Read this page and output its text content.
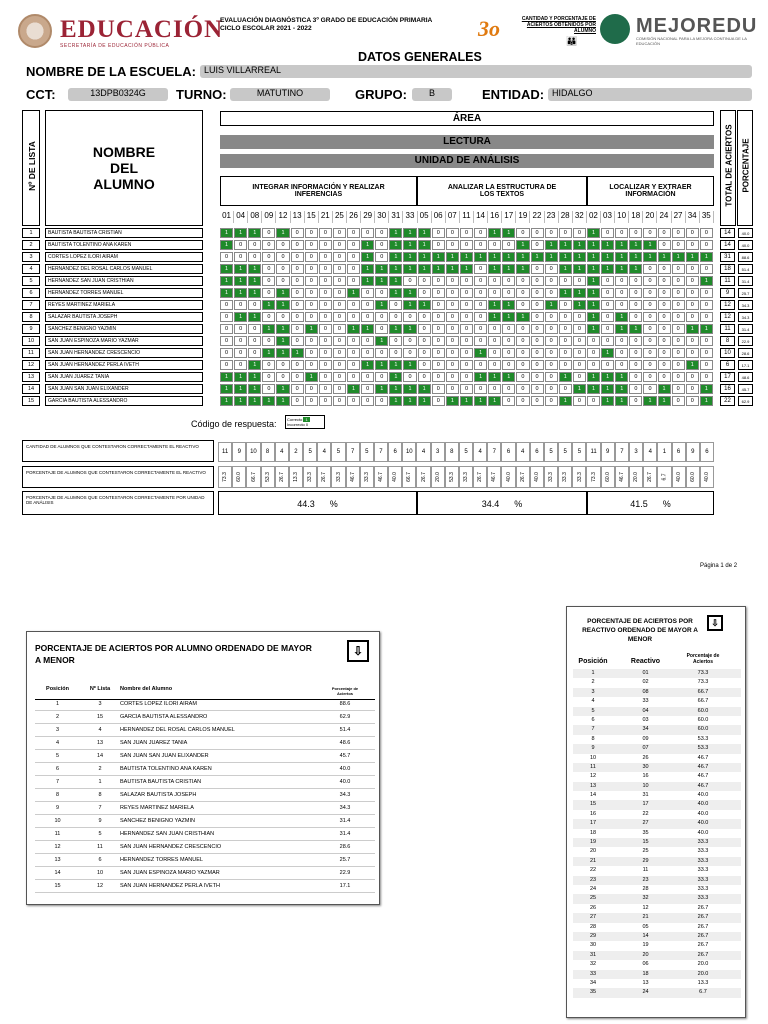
EDUCACIÓN
SECRETARÍA DE EDUCACIÓN PÚBLICA
EVALUACIÓN DIAGNÓSTICA 3º GRADO DE EDUCACIÓN PRIMARIA
CICLO ESCOLAR 2021 - 2022	3o	CANTIDAD Y PORCENTAJE DE ACIERTOS OBTENIDOS POR ALUMNO
👪
MEJOREDU
COMISIÓN NACIONAL PARA LA MEJORA CONTINUA DE LA EDUCACIÓN
DATOS GENERALES
NOMBRE DE LA ESCUELA: LUIS VILLARREAL
CCT:	13DPB0324G	TURNO:	MATUTINO	GRUPO:	B	ENTIDAD: HIDALGO
Nº DE LISTA	NOMBRE DEL ALUMNO
ÁREA
LECTURA
UNIDAD DE ANÁLISIS
INTEGRAR INFORMACIÓN Y REALIZAR INFERENCIAS
ANALIZAR LA ESTRUCTURA DE LOS TEXTOS
LOCALIZAR Y EXTRAER INFORMACIÓN	TOTAL DE ACIERTOS PORCENTAJE
01 04 08 09 12 13 15 21 25 26 29 30 31 33 05 06 07 11 14 16 17 19 22 23 28 32 02 03 10 18 20 24 27 34 35
1	BAUTISTA BAUTISTA CRISTIAN	1	1	1	0	1	0	0	0	0	0	0	0	1	1	1	0	0	0	0	1	1	0	0	0	0	0	1	0	0	0	0	0	0	0	0	14	40.0
2	BAUTISTA TOLENTINO ANA KAREN	1	0	0	0	0	0	0	0	0	0	1	0	1	1	1	0	0	0	0	0	0	1	0	1	1	1	1	1	1	1	1	0	0	0	0	14	40.0
3	CORTES LOPEZ ILORI AIRAM	0	0	0	0	0	0	0	0	0	0	1	0	1	1	1	1	1	1	1	1	1	1	1	1	1	1	1	1	1	1	1	1	1	1	1	31	88.6
4	HERNANDEZ DEL ROSAL CARLOS MANUEL	1	1	1	0	0	0	0	0	0	0	1	1	1	1	1	1	1	1	0	1	1	1	0	0	1	1	1	1	1	1	0	0	0	0	0	18	51.4
5	HERNANDEZ SAN JUAN CRISTHIAN	1	1	1	0	0	0	0	0	0	0	1	1	1	0	0	0	0	0	0	0	0	0	0	0	0	0	1	0	0	0	0	0	0	0	1	11	31.4
6	HERNANDEZ TORRES MANUEL	1	1	1	0	1	0	0	0	0	1	0	0	1	1	0	0	0	0	0	0	0	0	0	0	1	1	1	0	0	0	0	0	0	0	0	9	25.7
7	REYES MARTINEZ MARIELA	0	0	0	1	1	0	0	0	0	0	0	1	0	1	1	0	0	0	0	1	1	0	0	1	0	1	1	0	0	0	0	0	0	0	0	12	34.3
8	SALAZAR BAUTISTA JOSEPH	0	1	1	0	0	0	0	0	0	0	0	0	0	0	0	0	0	0	0	1	1	1	0	0	0	0	1	0	1	0	0	0	0	0	0	12	34.3
9	SANCHEZ BENIGNO YAZMIN	0	0	0	1	1	0	1	0	0	1	1	0	1	1	0	0	0	0	0	0	0	0	0	0	0	0	1	0	1	1	0	0	0	1	1	11	31.4
10	SAN JUAN ESPINOZA MARIO YAZMAR	0	0	0	0	1	0	0	0	0	0	0	1	0	0	0	0	0	0	0	0	0	0	0	0	0	0	0	0	0	0	0	0	0	0	0	8	22.9
11	SAN JUAN HERNANDEZ CRESCENCIO	0	0	0	1	1	1	0	0	0	0	0	0	0	0	0	0	0	0	1	0	0	0	0	0	0	0	0	1	0	0	0	0	0	0	0	10	28.6
12	SAN JUAN HERNANDEZ PERLA IVETH	0	0	1	0	0	0	0	0	0	0	1	1	1	1	0	0	0	0	0	0	0	0	0	0	0	0	0	0	0	0	0	0	0	1	0	6	17.1
13	SAN JUAN JUAREZ TANIA	1	1	1	0	0	0	1	0	0	0	0	0	1	0	0	0	0	0	1	1	1	0	0	0	1	0	1	1	1	0	0	0	0	0	0	17	48.6
14	SAN JUAN SAN JUAN ELIXANDER	1	1	1	0	1	0	0	0	0	1	0	1	1	1	1	0	0	0	0	0	0	0	0	0	0	1	1	1	1	0	0	1	0	0	1	16	45.7
15	GARCIA BAUTISTA ALESSANDRO	1	1	1	1	1	0	0	0	0	0	0	0	1	1	1	0	1	1	1	1	0	0	0	0	1	0	0	1	1	0	1	1	0	0	1	22	62.9
Código de respuesta:	Correcto 1
Incorrecto 0
CANTIDAD DE ALUMNOS QUE CONTESTARON CORRECTAMENTE EL REACTIVO
PORCENTAJE DE ALUMNOS QUE CONTESTARON CORRECTAMENTE EL REACTIVO
PORCENTAJE DE ALUMNOS QUE CONTESTARON CORRECTAMENTE POR UNIDAD DE ANÁLISIS
11	9	10	8	4	2	5	4	5	7	5	7	6	10	4	3	8	5	4	7	6	4	6	5	5	5	11	9	7	3	4	1	6	9	6
73.3 60.0 66.7 53.3 26.7 13.3 33.3 26.7 33.3 46.7 33.3 46.7 40.0 66.7 26.7 20.0 53.3 33.3 26.7 46.7 40.0 26.7 40.0 33.3 33.3 33.3 73.3 60.0 46.7 20.0 26.7 6.7 40.0 60.0 40.0
44.3 %	34.4 %	41.5 %
Página 1 de 2
PORCENTAJE DE ACIERTOS POR ALUMNO ORDENADO DE MAYOR A MENOR
⇩
Posición	Nº Lista	Nombre del Alumno	Porcentaje de Aciertos
1	3	CORTES LOPEZ ILORI AIRAM	88.6
2	15	GARCIA BAUTISTA ALESSANDRO	62.9
3	4	HERNANDEZ DEL ROSAL CARLOS MANUEL	51.4
4	13	SAN JUAN JUAREZ TANIA	48.6
5	14	SAN JUAN SAN JUAN ELIXANDER	45.7
6	2	BAUTISTA TOLENTINO ANA KAREN	40.0
7	1	BAUTISTA BAUTISTA CRISTIAN	40.0
8	8	SALAZAR BAUTISTA JOSEPH	34.3
9	7	REYES MARTINEZ MARIELA	34.3
10	9	SANCHEZ BENIGNO YAZMIN	31.4
11	5	HERNANDEZ SAN JUAN CRISTHIAN	31.4
12	11	SAN JUAN HERNANDEZ CRESCENCIO	28.6
13	6	HERNANDEZ TORRES MANUEL	25.7
14	10	SAN JUAN ESPINOZA MARIO YAZMAR	22.9
15	12	SAN JUAN HERNANDEZ PERLA IVETH	17.1
PORCENTAJE DE ACIERTOS POR REACTIVO ORDENADO DE MAYOR A MENOR
⇩
Posición	Reactivo
Porcentaje de Aciertos
1	01	73.3
2	02	73.3
3	08	66.7
4	33	66.7
5	04	60.0
6	03	60.0
7	34	60.0
8	09	53.3
9	07	53.3
10	26	46.7
11	30	46.7
12	16	46.7
13	10	46.7
14	31	40.0
15	17	40.0
16	22	40.0
17	27	40.0
18	35	40.0
19	15	33.3
20	25	33.3
21	29	33.3
22	11	33.3
23	23	33.3
24	28	33.3
25	32	33.3
26	12	26.7
27	21	26.7
28	05	26.7
29	14	26.7
30	19	26.7
31	20	26.7
32	06	20.0
33	18	20.0
34	13	13.3
35	24	6.7
